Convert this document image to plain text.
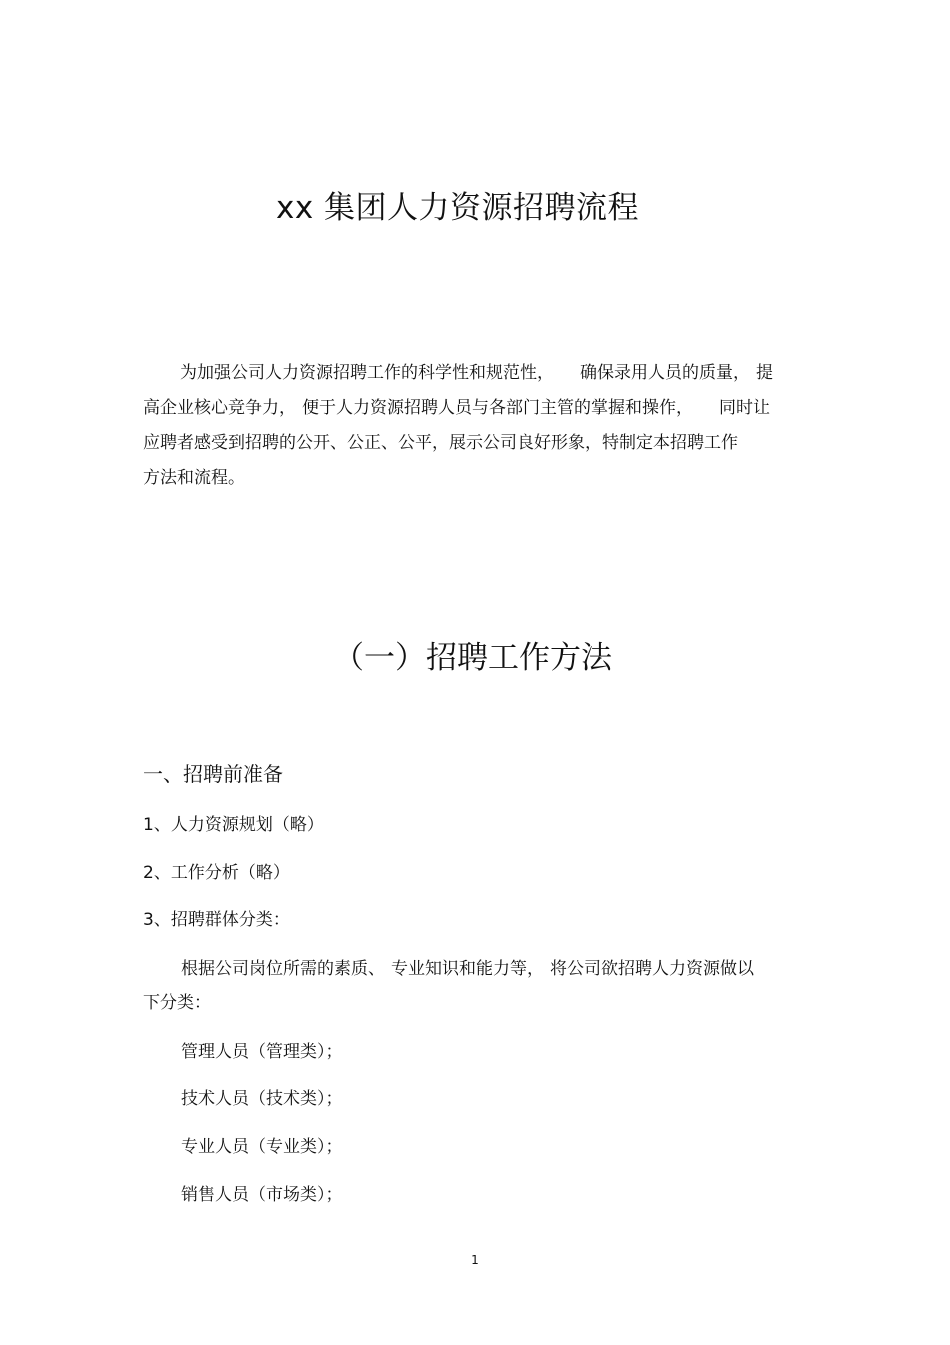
xx 集团人力资源招聘流程
为加强公司人力资源招聘工作的科学性和规范性， 确保录用人员的质量， 提
高企业核心竞争力， 便于人力资源招聘人员与各部门主管的掌握和操作， 同时让
应聘者感受到招聘的公开、公正、公平，展示公司良好形象，特制定本招聘工作
方法和流程。
（一）招聘工作方法
一、招聘前准备
1、人力资源规划（略）
2、工作分析（略）
3、招聘群体分类：
根据公司岗位所需的素质、 专业知识和能力等， 将公司欲招聘人力资源做以
下分类：
管理人员（管理类）；
技术人员（技术类）；
专业人员（专业类）；
销售人员（市场类）；
1
